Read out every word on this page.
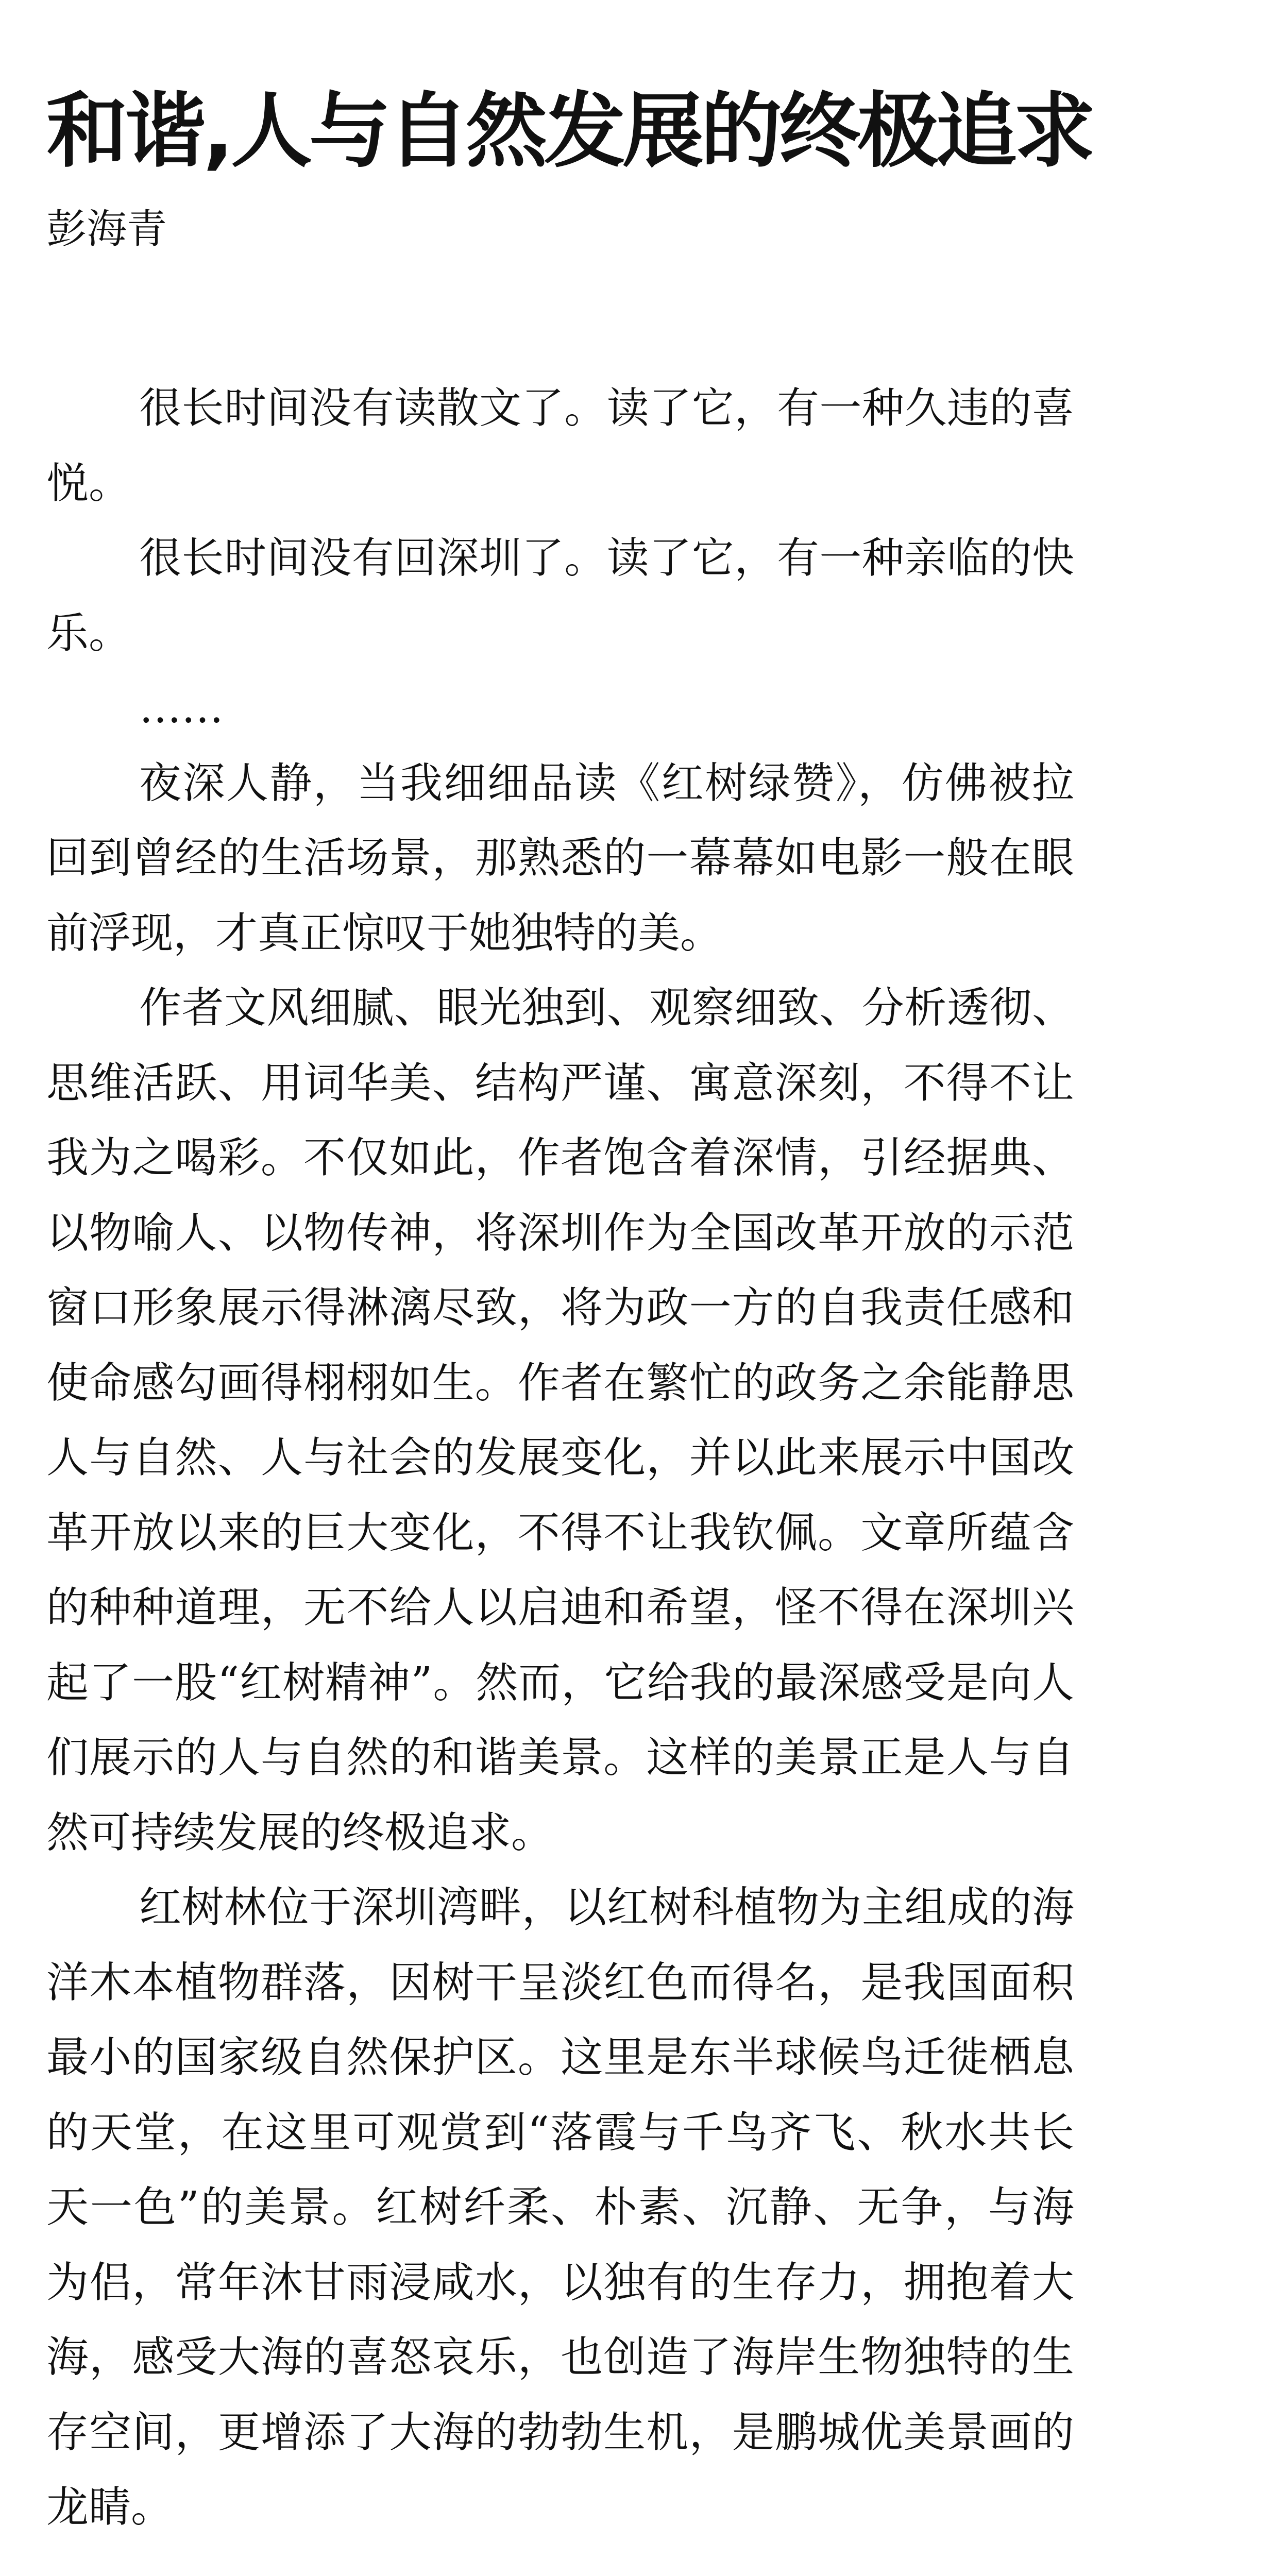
和谐,人与自然发展的终极追求
彭海青

很长时间没有读散文了。读了它，有一种久违的喜悦。

很长时间没有回深圳了。读了它，有一种亲临的快乐。

……

夜深人静，当我细细品读《红树绿赞》，仿佛被拉回到曾经的生活场景，那熟悉的一幕幕如电影一般在眼前浮现，才真正惊叹于她独特的美。

作者文风细腻、眼光独到、观察细致、分析透彻、思维活跃、用词华美、结构严谨、寓意深刻，不得不让我为之喝彩。不仅如此，作者饱含着深情，引经据典、以物喻人、以物传神，将深圳作为全国改革开放的示范窗口形象展示得淋漓尽致，将为政一方的自我责任感和使命感勾画得栩栩如生。作者在繁忙的政务之余能静思人与自然、人与社会的发展变化，并以此来展示中国改革开放以来的巨大变化，不得不让我钦佩。文章所蕴含的种种道理，无不给人以启迪和希望，怪不得在深圳兴起了一股“红树精神”。然而，它给我的最深感受是向人们展示的人与自然的和谐美景。这样的美景正是人与自然可持续发展的终极追求。

红树林位于深圳湾畔，以红树科植物为主组成的海洋木本植物群落，因树干呈淡红色而得名，是我国面积最小的国家级自然保护区。这里是东半球候鸟迁徙栖息的天堂，在这里可观赏到“落霞与千鸟齐飞、秋水共长天一色”的美景。红树纤柔、朴素、沉静、无争，与海为侣，常年沐甘雨浸咸水，以独有的生存力，拥抱着大海，感受大海的喜怒哀乐，也创造了海岸生物独特的生存空间，更增添了大海的勃勃生机，是鹏城优美景画的龙睛。
